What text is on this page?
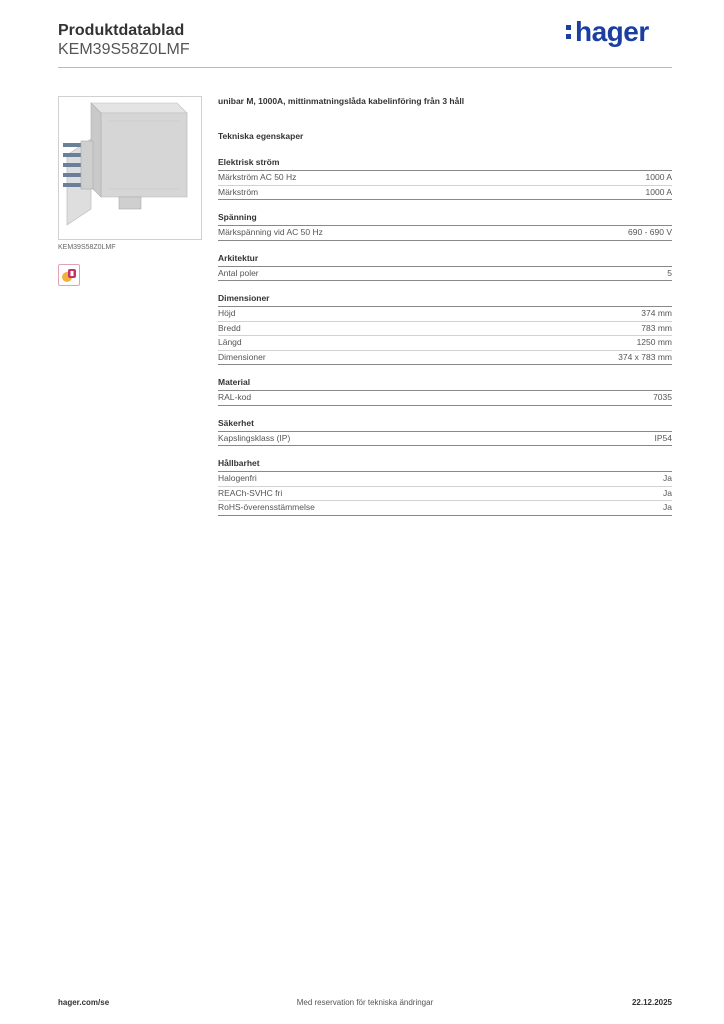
Produktdatablad
KEM39S58Z0LMF
hager
KEM39S58Z0LMF
unibar M, 1000A, mittinmatningslåda kabelinföring från 3 håll
Tekniska egenskaper
Elektrisk ström
Märkström AC 50 Hz	1000 A
Märkström	1000 A
Spänning
Märkspänning vid AC 50 Hz	690 - 690 V
Arkitektur
Antal poler	5
Dimensioner
Höjd	374 mm
Bredd	783 mm
Längd	1250 mm
Dimensioner	374 x 783 mm
Material
RAL-kod	7035
Säkerhet
Kapslingsklass (IP)	IP54
Hållbarhet
Halogenfri	Ja
REACh-SVHC fri	Ja
RoHS-överensstämmelse	Ja
hager.com/se	Med reservation för tekniska ändringar	22.12.2025
